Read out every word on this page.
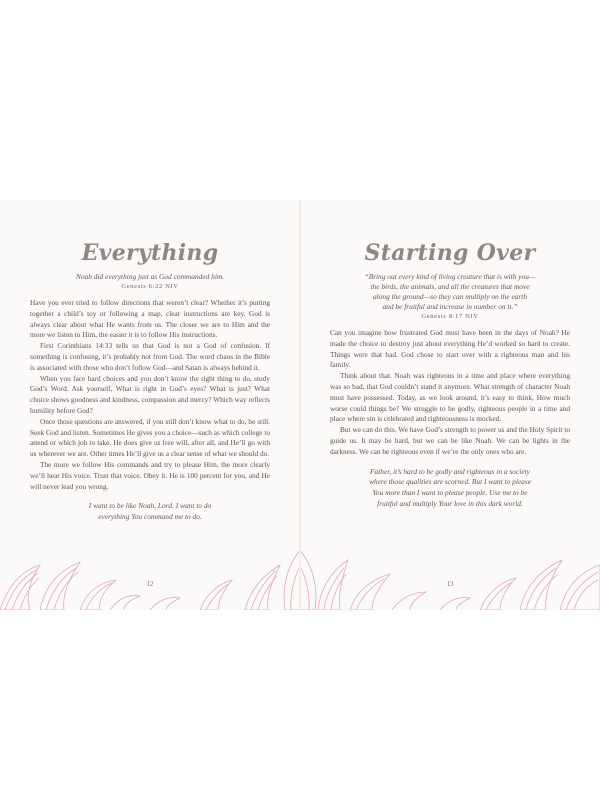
Everything

Noah did everything just as God commanded him.

Genesis 6:22 NIV

Have you ever tried to follow directions that weren’t clear? Whether it’s putting together a child’s toy or following a map, clear instructions are key. God is always clear about what He wants from us. The closer we are to Him and the more we listen to Him, the easier it is to follow His instructions.

First Corinthians 14:33 tells us that God is not a God of confusion. If something is confusing, it’s probably not from God. The word chaos in the Bible is associated with those who don’t follow God—and Satan is always behind it.

When you face hard choices and you don’t know the right thing to do, study God’s Word. Ask yourself, What is right in God’s eyes? What is just? What choice shows goodness and kindness, compassion and mercy? Which way reflects humility before God?

Once those questions are answered, if you still don’t know what to do, be still. Seek God and listen. Sometimes He gives you a choice—such as which college to attend or which job to take. He does give us free will, after all, and He’ll go with us wherever we are. Other times He’ll give us a clear sense of what we should do.

The more we follow His commands and try to please Him, the more clearly we’ll hear His voice. Trust that voice. Obey it. He is 100 percent for you, and He will never lead you wrong.

I want to be like Noah, Lord. I want to do
everything You command me to do.
12
Starting Over
“Bring out every kind of living creature that is with you—
the birds, the animals, and all the creatures that move
along the ground—so they can multiply on the earth
and be fruitful and increase in number on it.”

Genesis 8:17 NIV

Can you imagine how frustrated God must have been in the days of Noah? He made the choice to destroy just about everything He’d worked so hard to create. Things were that bad. God chose to start over with a righteous man and his family.

Think about that. Noah was righteous in a time and place where everything was so bad, that God couldn’t stand it anymore. What strength of character Noah must have possessed. Today, as we look around, it’s easy to think, How much worse could things be? We struggle to be godly, righteous people in a time and place where sin is celebrated and righteousness is mocked.

But we can do this. We have God’s strength to power us and the Holy Spirit to guide us. It may be hard, but we can be like Noah. We can be lights in the darkness. We can be righteous even if we’re the only ones who are.

Father, it’s hard to be godly and righteous in a society
where those qualities are scorned. But I want to please
You more than I want to please people. Use me to be
fruitful and multiply Your love in this dark world.
13
